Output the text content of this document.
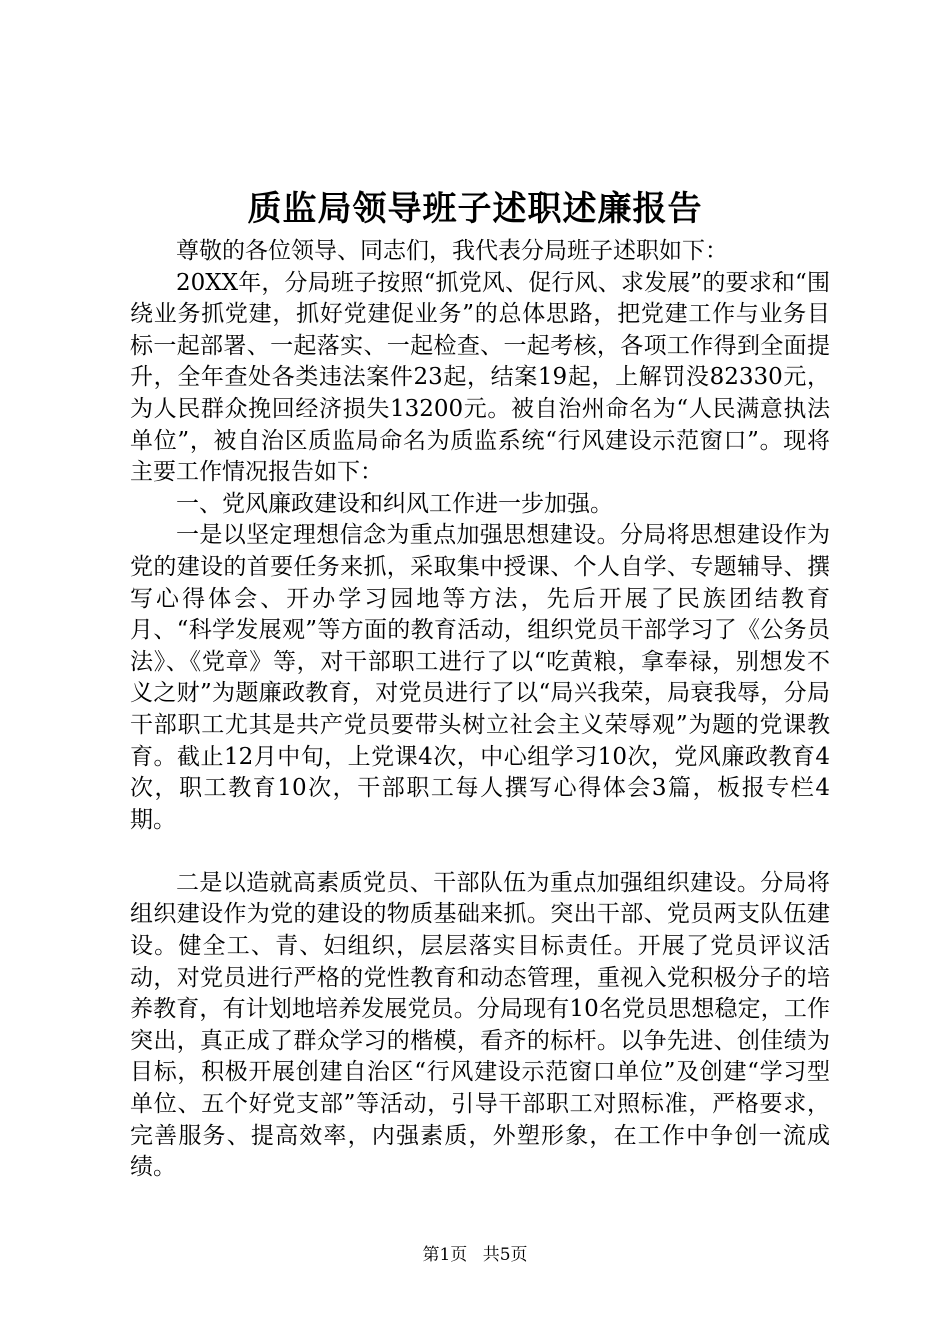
质监局领导班子述职述廉报告

尊敬的各位领导、同志们，我代表分局班子述职如下：

20XX年，分局班子按照“抓党风、促行风、求发展”的要求和“围绕业务抓党建，抓好党建促业务”的总体思路，把党建工作与业务目标一起部署、一起落实、一起检查、一起考核，各项工作得到全面提升，全年查处各类违法案件23起，结案19起，上解罚没82330元，为人民群众挽回经济损失13200元。被自治州命名为“人民满意执法单位”，被自治区质监局命名为质监系统“行风建设示范窗口”。现将主要工作情况报告如下：

一、党风廉政建设和纠风工作进一步加强。

一是以坚定理想信念为重点加强思想建设。分局将思想建设作为党的建设的首要任务来抓，采取集中授课、个人自学、专题辅导、撰写心得体会、开办学习园地等方法，先后开展了民族团结教育月、“科学发展观”等方面的教育活动，组织党员干部学习了《公务员法》、《党章》等，对干部职工进行了以“吃黄粮，拿奉禄，别想发不义之财”为题廉政教育，对党员进行了以“局兴我荣，局衰我辱，分局干部职工尤其是共产党员要带头树立社会主义荣辱观”为题的党课教育。截止12月中旬，上党课4次，中心组学习10次，党风廉政教育4次，职工教育10次，干部职工每人撰写心得体会3篇，板报专栏4期。

二是以造就高素质党员、干部队伍为重点加强组织建设。分局将组织建设作为党的建设的物质基础来抓。突出干部、党员两支队伍建设。健全工、青、妇组织，层层落实目标责任。开展了党员评议活动，对党员进行严格的党性教育和动态管理，重视入党积极分子的培养教育，有计划地培养发展党员。分局现有10名党员思想稳定，工作突出，真正成了群众学习的楷模，看齐的标杆。以争先进、创佳绩为目标，积极开展创建自治区“行风建设示范窗口单位”及创建“学习型单位、五个好党支部”等活动，引导干部职工对照标准，严格要求，完善服务、提高效率，内强素质，外塑形象，在工作中争创一流成绩。

第1页 共5页
